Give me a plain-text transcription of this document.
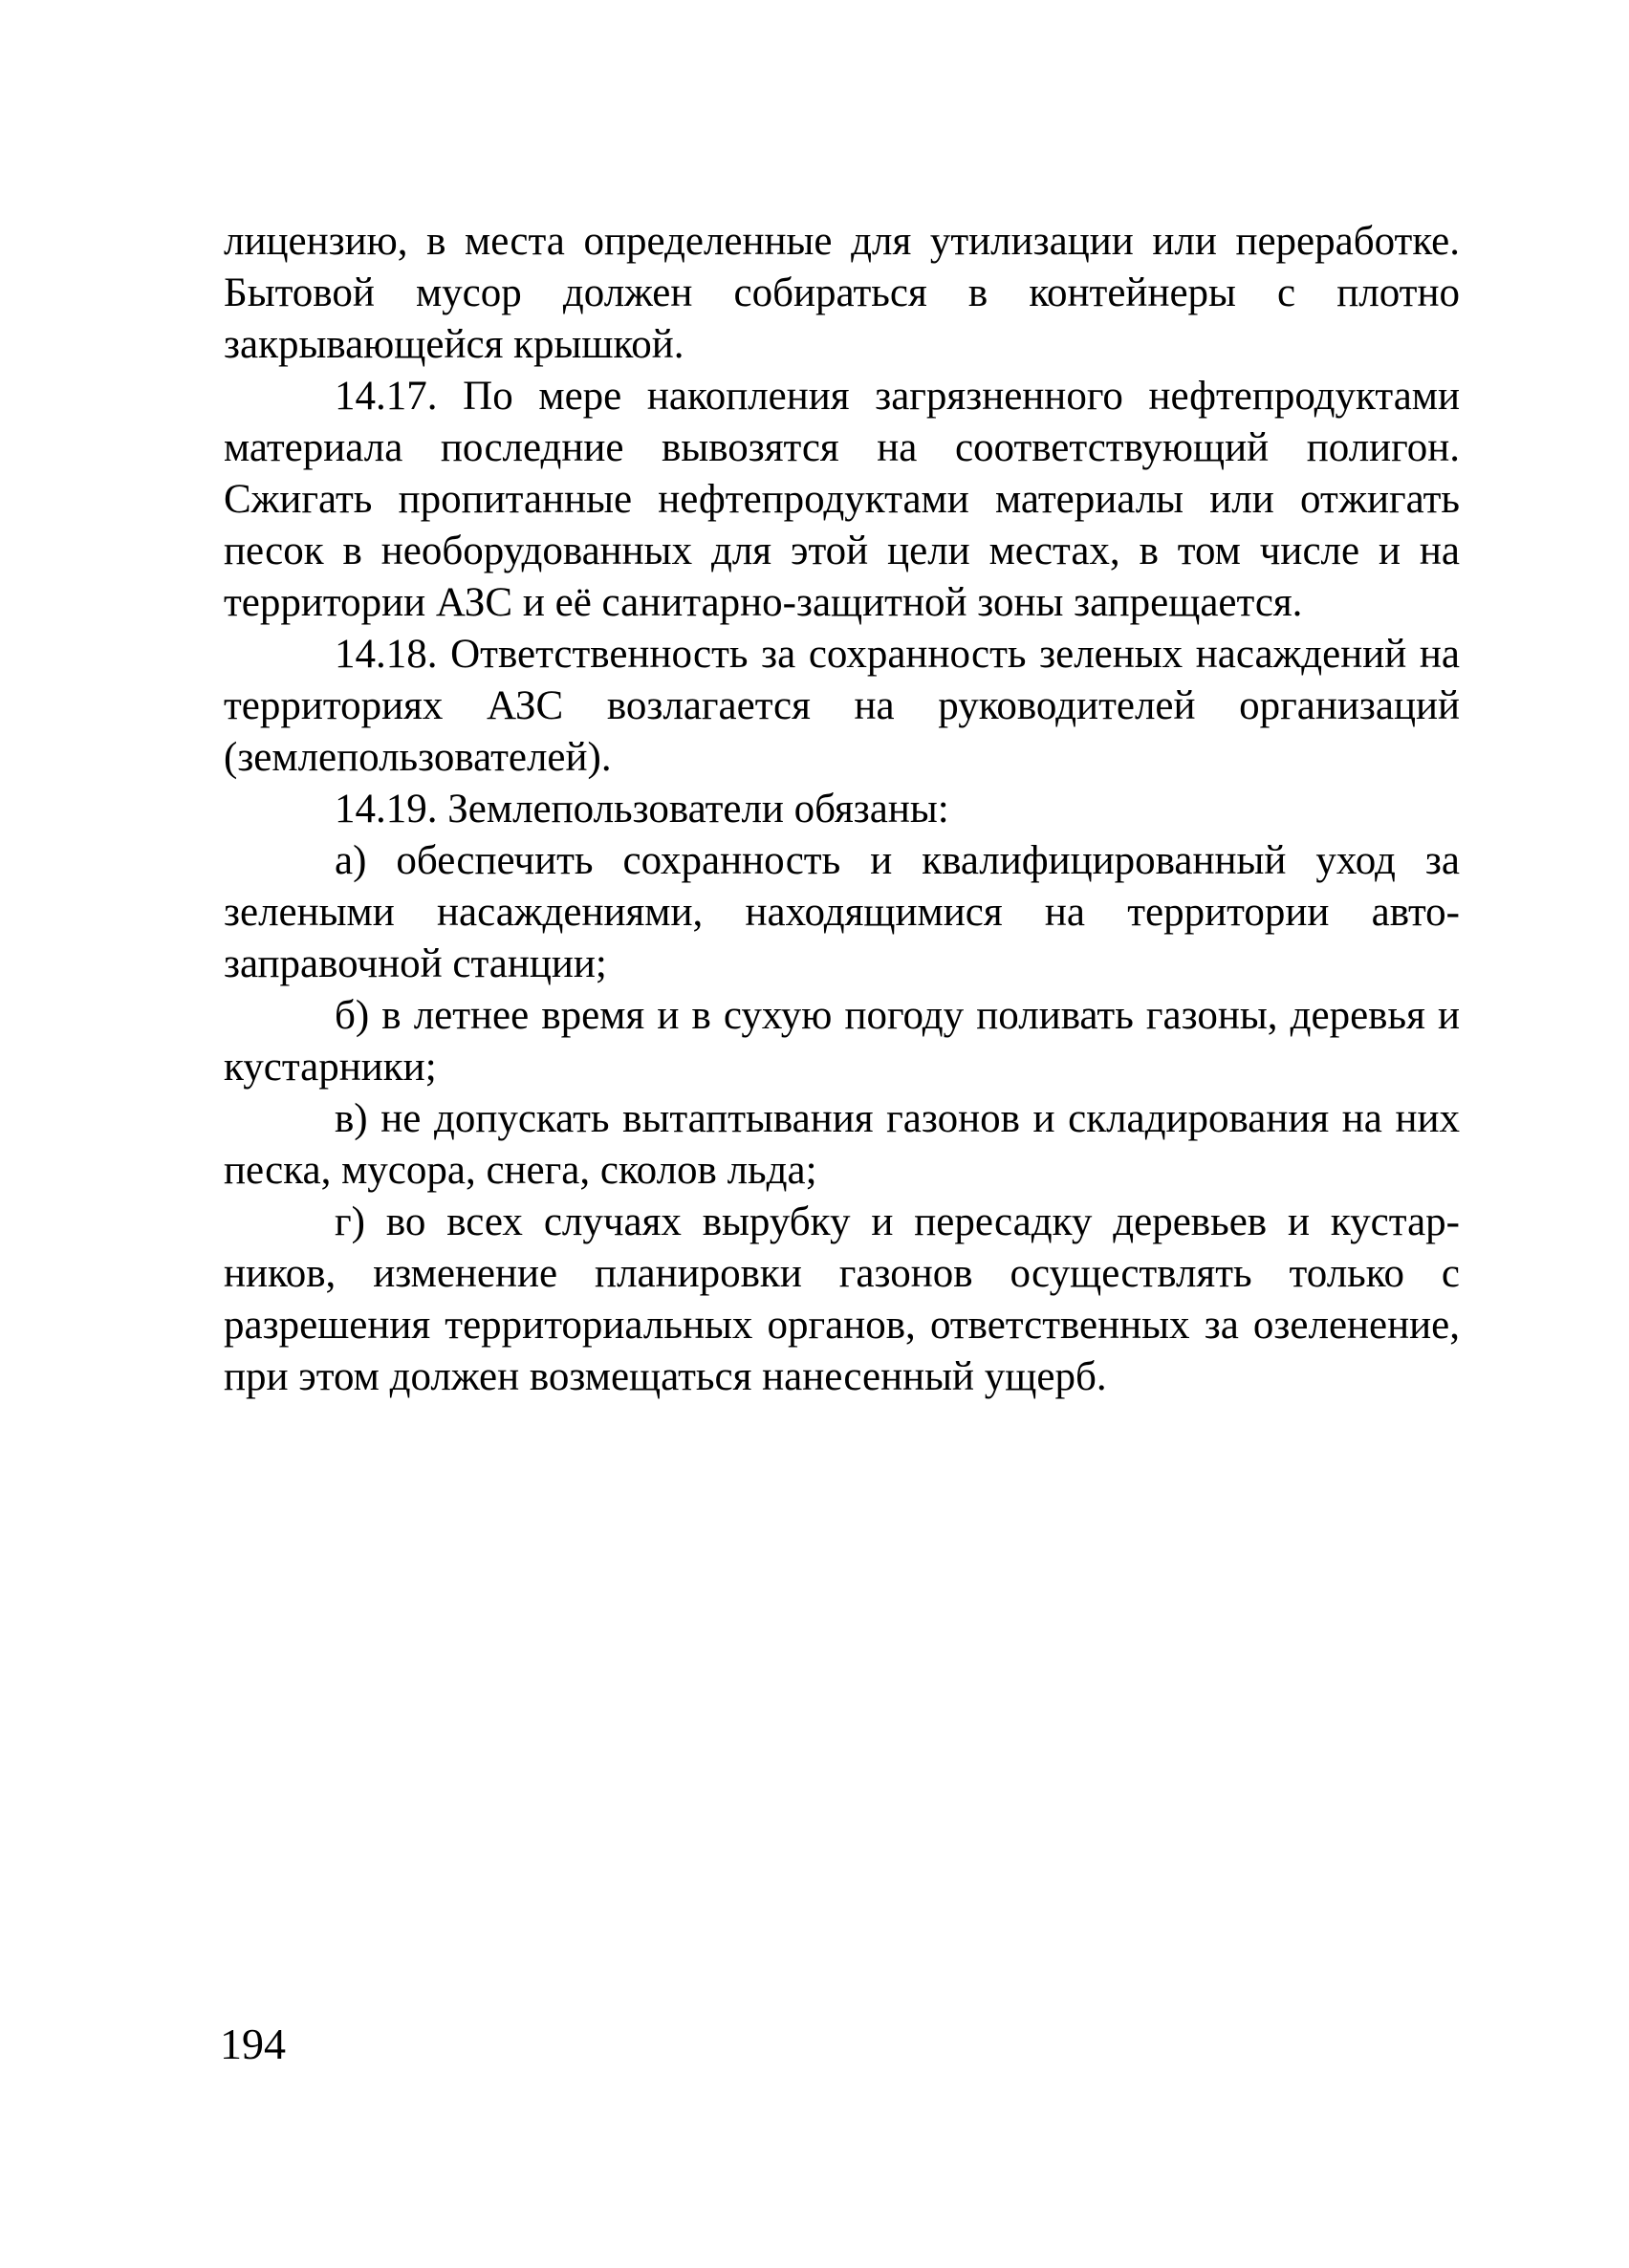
лицензию, в места определенные для утилизации или переработке. Бытовой мусор должен собираться в контейнеры с плотно закрывающейся крышкой.

14.17. По мере накопления загрязненного нефтепродуктами материала последние вывозятся на соответствующий полигон. Сжигать пропитанные нефтепродуктами материалы или отжигать песок в необорудованных для этой цели местах, в том числе и на территории АЗС и её санитарно-защитной зоны запрещается.

14.18. Ответственность за сохранность зеленых насаждений на территориях АЗС возлагается на руководителей организаций (землепользователей).

14.19. Землепользователи обязаны:

а) обеспечить сохранность и квалифицированный уход за зелеными насаждениями, находящимися на территории автозаправочной станции;

б) в летнее время и в сухую погоду поливать газоны, деревья и кустарники;

в) не допускать вытаптывания газонов и складирования на них песка, мусора, снега, сколов льда;

г) во всех случаях вырубку и пересадку деревьев и кустарников, изменение планировки газонов осуществлять только с разрешения территориальных органов, ответственных за озеленение, при этом должен возмещаться нанесенный ущерб.

194
